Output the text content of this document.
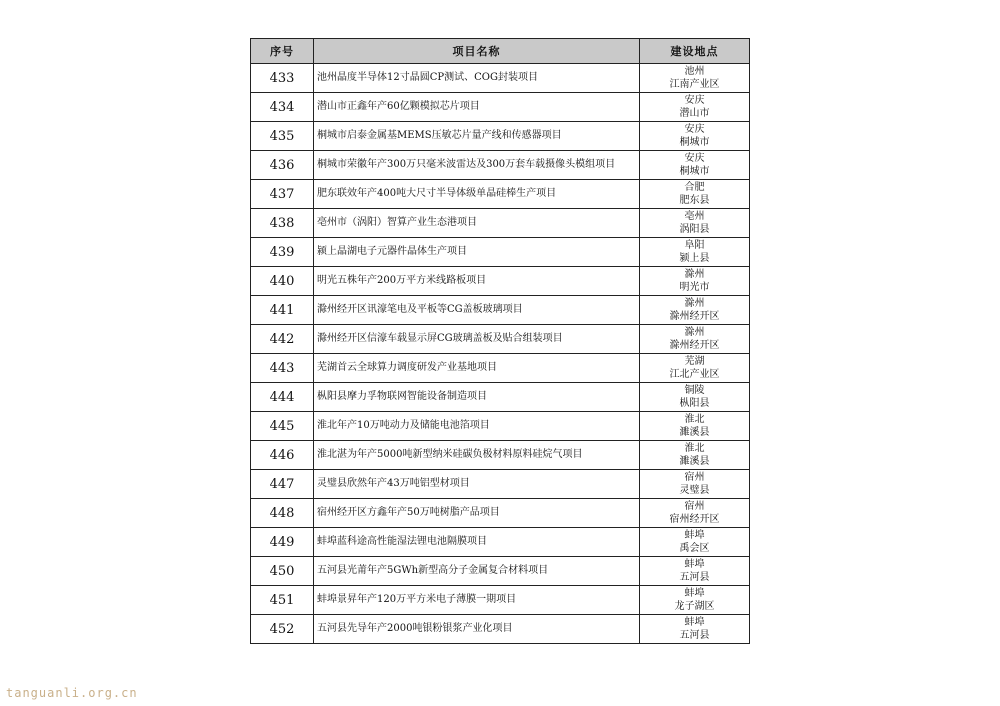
序号	项目名称	建设地点
433	池州晶度半导体12寸晶圆CP测试、COG封装项目	池州
江南产业区

434	潜山市正鑫年产60亿颗模拟芯片项目	安庆
潜山市

435	桐城市启泰金属基MEMS压敏芯片量产线和传感器项目	安庆
桐城市

436	桐城市荣徽年产300万只毫米波雷达及300万套车载摄像头模组项目	安庆
桐城市

437	肥东联效年产400吨大尺寸半导体级单晶硅棒生产项目	合肥
肥东县

438	亳州市（涡阳）智算产业生态港项目	亳州
涡阳县

439	颍上晶湖电子元器件晶体生产项目	阜阳
颍上县

440	明光五株年产200万平方米线路板项目	滁州
明光市

441	滁州经开区讯濠笔电及平板等CG盖板玻璃项目	滁州
滁州经开区

442	滁州经开区信濠车载显示屏CG玻璃盖板及贴合组装项目	滁州
滁州经开区

443	芜湖首云全球算力调度研发产业基地项目	芜湖
江北产业区

444	枞阳县摩力孚物联网智能设备制造项目	铜陵
枞阳县

445	淮北年产10万吨动力及储能电池箔项目	淮北
濉溪县

446	淮北湛为年产5000吨新型纳米硅碳负极材料原料硅烷气项目	淮北
濉溪县

447	灵璧县欣然年产43万吨铝型材项目	宿州
灵璧县

448	宿州经开区方鑫年产50万吨树脂产品项目	宿州
宿州经开区

449	蚌埠蓝科途高性能湿法锂电池隔膜项目	蚌埠
禹会区

450	五河县光莆年产5GWh新型高分子金属复合材料项目	蚌埠
五河县

451	蚌埠景昇年产120万平方米电子薄膜一期项目	蚌埠
龙子湖区

452	五河县先导年产2000吨银粉银浆产业化项目	蚌埠
五河县
tanguanli.org.cn
